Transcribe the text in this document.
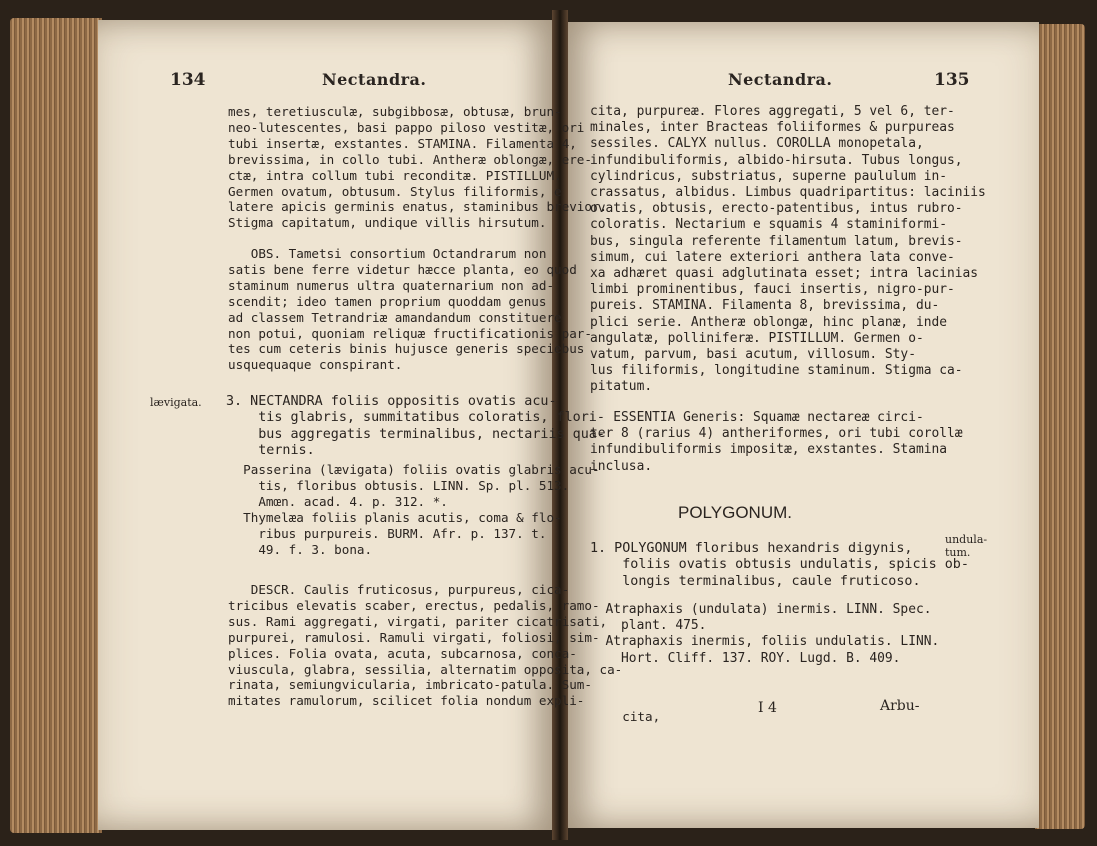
134	Nectandra.
mes, teretiusculæ, subgibbosæ, obtusæ, brun-
neo-lutescentes, basi pappo piloso vestitæ, ori
tubi insertæ, exstantes. STAMINA. Filamenta 4,
brevissima, in collo tubi. Antheræ oblongæ, ere-
ctæ, intra collum tubi reconditæ. PISTILLUM.
Germen ovatum, obtusum. Stylus filiformis, e
latere apicis germinis enatus, staminibus brevior.
Stigma capitatum, undique villis hirsutum.
OBS. Tametsi consortium Octandrarum non
satis bene ferre videtur hæcce planta, eo quod
staminum numerus ultra quaternarium non ad-
scendit; ideo tamen proprium quoddam genus
ad classem Tetrandriæ amandandum constituere
non potui, quoniam reliquæ fructificationis par-
tes cum ceteris binis hujusce generis speciebus
usquequaque conspirant.
lævigata. 3. NECTANDRA foliis oppositis ovatis acu-
tis glabris, summitatibus coloratis, flori-
bus aggregatis terminalibus, nectariis qua-
ternis.
Passerina (lævigata) foliis ovatis glabris acu-
tis, floribus obtusis. LINN. Sp. pl. 513.
Amœn. acad. 4. p. 312. *.
Thymelæa foliis planis acutis, coma & flo-
ribus purpureis. BURM. Afr. p. 137. t.
49. f. 3. bona.
DESCR. Caulis fruticosus, purpureus, cica-
tricibus elevatis scaber, erectus, pedalis, ramo-
sus. Rami aggregati, virgati, pariter cicatrisati,
purpurei, ramulosi. Ramuli virgati, foliosi, sim-
plices. Folia ovata, acuta, subcarnosa, conca-
viuscula, glabra, sessilia, alternatim opposita, ca-
rinata, semiungvicularia, imbricato-patula. Sum-
mitates ramulorum, scilicet folia nondum expli-
cita,
Nectandra.	135
cita, purpureæ. Flores aggregati, 5 vel 6, ter-
minales, inter Bracteas foliiformes & purpureas
sessiles. CALYX nullus. COROLLA monopetala,
infundibuliformis, albido-hirsuta. Tubus longus,
cylindricus, substriatus, superne paululum in-
crassatus, albidus. Limbus quadripartitus: laciniis
ovatis, obtusis, erecto-patentibus, intus rubro-
coloratis. Nectarium e squamis 4 staminiformi-
bus, singula referente filamentum latum, brevis-
simum, cui latere exteriori anthera lata conve-
xa adhæret quasi adglutinata esset; intra lacinias
limbi prominentibus, fauci insertis, nigro-pur-
pureis. STAMINA. Filamenta 8, brevissima, du-
plici serie. Antheræ oblongæ, hinc planæ, inde
angulatæ, polliniferæ. PISTILLUM. Germen o-
vatum, parvum, basi acutum, villosum. Sty-
lus filiformis, longitudine staminum. Stigma ca-
pitatum.
ESSENTIA Generis: Squamæ nectareæ circi-
ter 8 (rarius 4) antheriformes, ori tubi corollæ
infundibuliformis impositæ, exstantes. Stamina
inclusa.
POLYGONUM.
undula-
tum.
1. POLYGONUM floribus hexandris digynis,
foliis ovatis obtusis undulatis, spicis ob-
longis terminalibus, caule fruticoso.
Atraphaxis (undulata) inermis. LINN. Spec.
plant. 475.
Atraphaxis inermis, foliis undulatis. LINN.
Hort. Cliff. 137. ROY. Lugd. B. 409.
I 4	Arbu-
